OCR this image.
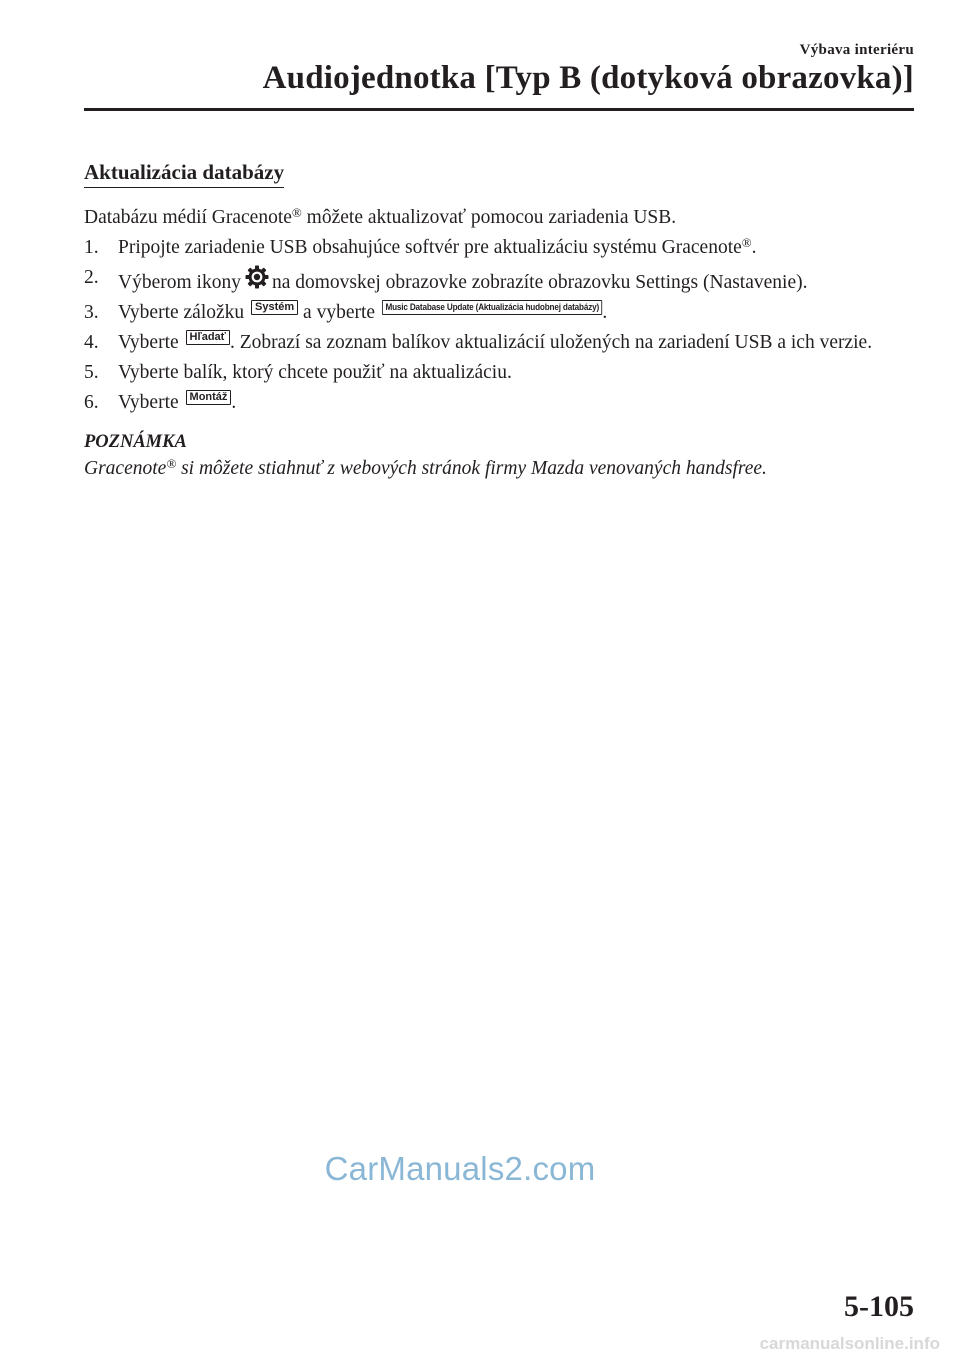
Výbava interiéru
Audiojednotka [Typ B (dotyková obrazovka)]
Aktualizácia databázy
Databázu médií Gracenote® môžete aktualizovať pomocou zariadenia USB.
1. Pripojte zariadenie USB obsahujúce softvér pre aktualizáciu systému Gracenote®.
2. Výberom ikony na domovskej obrazovke zobrazíte obrazovku Settings (Nastavenie).
3. Vyberte záložku Systém a vyberte Music Database Update (Aktualizácia hudobnej databázy) .
4. Vyberte Hľadať . Zobrazí sa zoznam balíkov aktualizácií uložených na zariadení USB a ich verzie.
5. Vyberte balík, ktorý chcete použiť na aktualizáciu.
6. Vyberte Montáž .
POZNÁMKA
Gracenote® si môžete stiahnuť z webových stránok firmy Mazda venovaných handsfree.
CarManuals2.com
5-105
carmanualsonline.info
